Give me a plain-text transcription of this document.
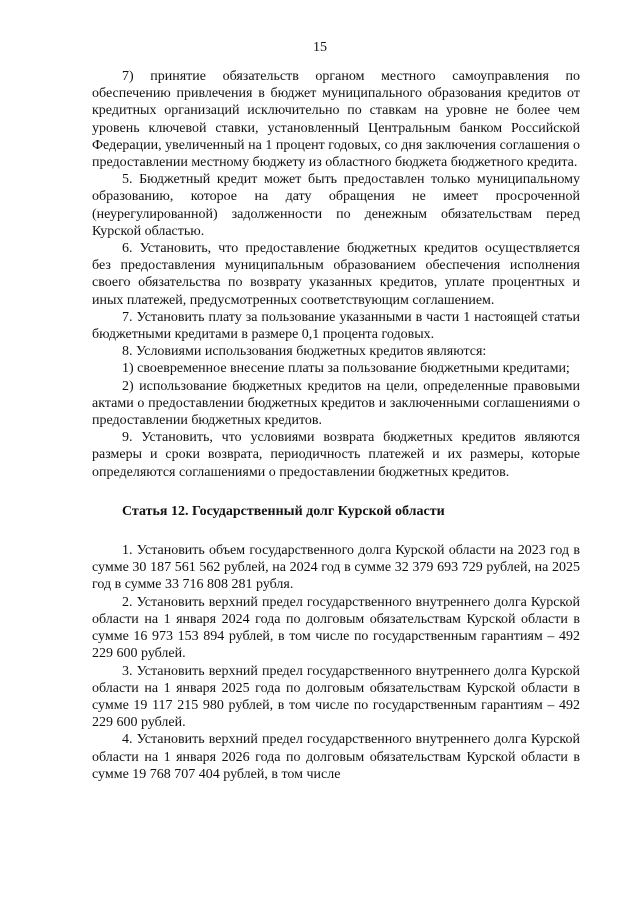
15

7) принятие обязательств органом местного самоуправления по обеспечению привлечения в бюджет муниципального образования кредитов от кредитных организаций исключительно по ставкам на уровне не более чем уровень ключевой ставки, установленный Центральным банком Российской Федерации, увеличенный на 1 процент годовых, со дня заключения соглашения о предоставлении местному бюджету из областного бюджета бюджетного кредита.

5. Бюджетный кредит может быть предоставлен только муниципальному образованию, которое на дату обращения не имеет просроченной (неурегулированной) задолженности по денежным обязательствам перед Курской областью.

6. Установить, что предоставление бюджетных кредитов осуществляется без предоставления муниципальным образованием обеспечения исполнения своего обязательства по возврату указанных кредитов, уплате процентных и иных платежей, предусмотренных соответствующим соглашением.

7. Установить плату за пользование указанными в части 1 настоящей статьи бюджетными кредитами в размере 0,1 процента годовых.

8. Условиями использования бюджетных кредитов являются:

1) своевременное внесение платы за пользование бюджетными кредитами;

2) использование бюджетных кредитов на цели, определенные правовыми актами о предоставлении бюджетных кредитов и заключенными соглашениями о предоставлении бюджетных кредитов.

9. Установить, что условиями возврата бюджетных кредитов являются размеры и сроки возврата, периодичность платежей и их размеры, которые определяются соглашениями о предоставлении бюджетных кредитов.

Статья 12. Государственный долг Курской области

1. Установить объем государственного долга Курской области на 2023 год в сумме 30 187 561 562 рублей, на 2024 год в сумме 32 379 693 729 рублей, на 2025 год в сумме 33 716 808 281 рубля.

2. Установить верхний предел государственного внутреннего долга Курской области на 1 января 2024 года по долговым обязательствам Курской области в сумме 16 973 153 894 рублей, в том числе по государственным гарантиям – 492 229 600 рублей.

3. Установить верхний предел государственного внутреннего долга Курской области на 1 января 2025 года по долговым обязательствам Курской области в сумме 19 117 215 980 рублей, в том числе по государственным гарантиям – 492 229 600 рублей.

4. Установить верхний предел государственного внутреннего долга Курской области на 1 января 2026 года по долговым обязательствам Курской области в сумме 19 768 707 404 рублей, в том числе
